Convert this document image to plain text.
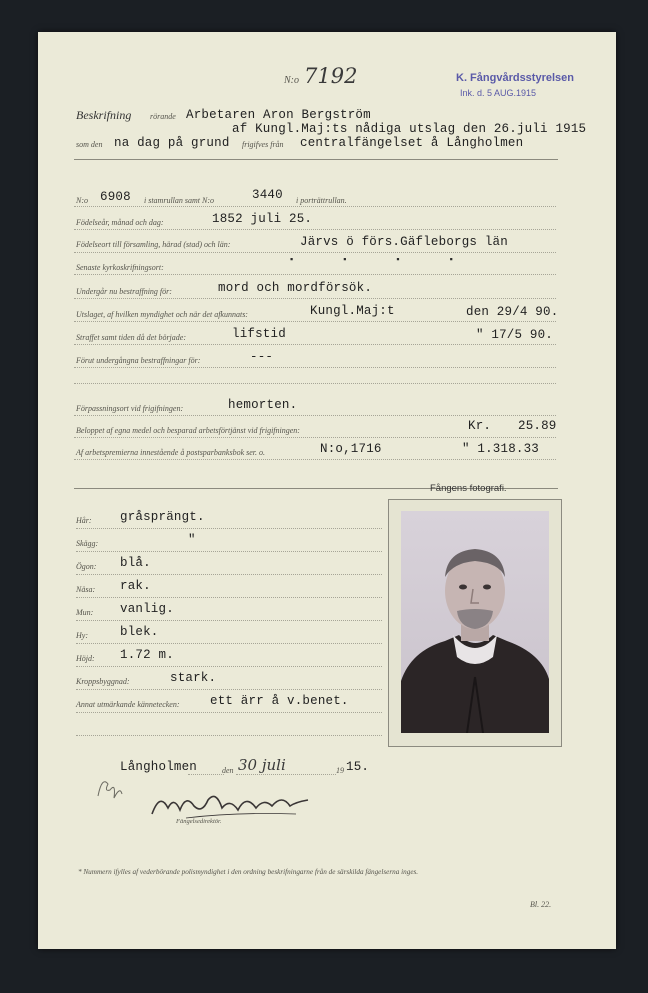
N:o 7192	K. Fångvårdsstyrelsen
Ink. d. 5 AUG.1915
Beskrifning rörande Arbetaren Aron Bergström
af Kungl.Maj:ts nådiga utslag den 26.juli 1915
som den na dag på grund frigifves från centralfängelset å Långholmen
N:o 6908 i stamrullan samt N:o	3440 i porträttrullan.
Födelseår, månad och dag:	1852 juli 25.
Födelseort till församling, härad (stad) och län:	Järvs ö förs.Gäfleborgs län
▪▪▪▪
Senaste kyrkoskrifningsort:
Undergår nu bestraffning för:	mord och mordförsök.
Utslaget, af hvilken myndighet och när det afkunnats:	Kungl.Maj:t	den 29/4 90.
Straffet samt tiden då det började:	lifstid	" 17/5 90.
Förut undergångna bestraffningar för:	---
Förpassningsort vid frigifningen:	hemorten.
Beloppet af egna medel och besparad arbetsförtjänst vid frigifningen:	Kr. 25.89
Af arbetspremierna innestående å postsparbanksbok ser. o.	N:o,1716	" 1.318.33
Fångens fotografi.
Hår: gråsprängt.
Skägg:	"
Ögon: blå.
Näsa: rak.
Mun: vanlig.
Hy:	blek.
Höjd: 1.72 m.
Kroppsbyggnad:	stark.
Annat utmärkande kännetecken: ett ärr å v.benet.
Långholmen	den 30 juli	19 15.
Fängelsedirektör.
* Nummern ifylles af vederbörande polismyndighet i den ordning beskrifningarne från de särskilda fängelserna inges.
Bl. 22.
